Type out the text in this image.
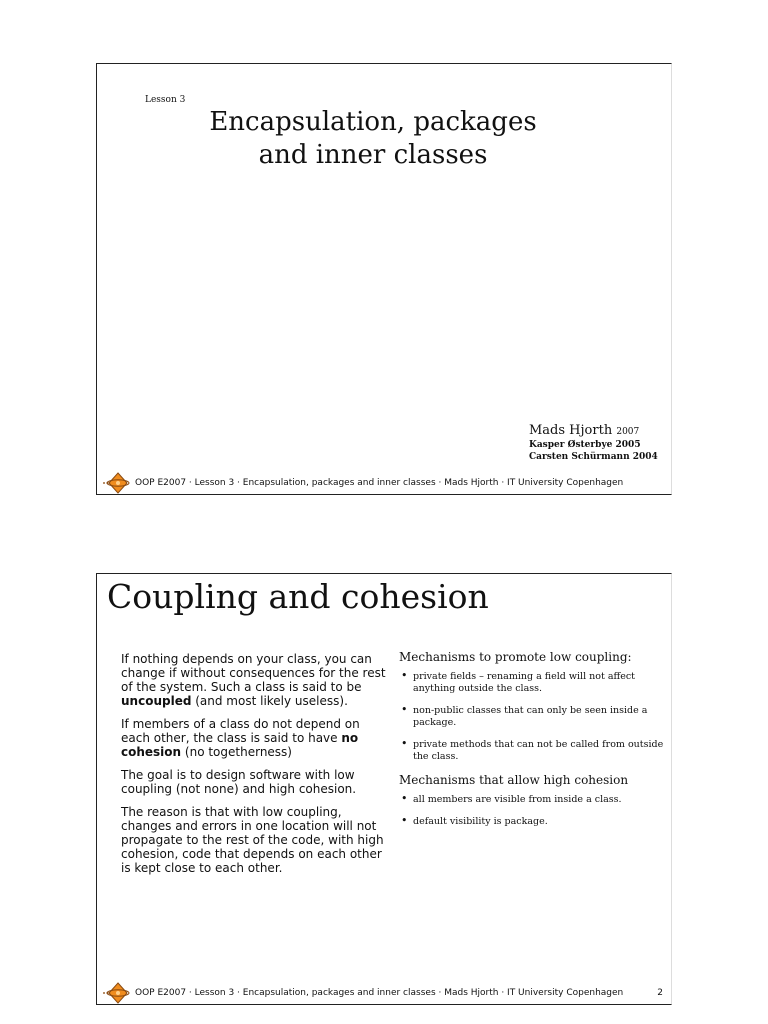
Lesson 3
Encapsulation, packages
and inner classes
Mads Hjorth 2007
Kasper Østerbye 2005
Carsten Schürmann 2004
OOP E2007 · Lesson 3 · Encapsulation, packages and inner classes · Mads Hjorth · IT University Copenhagen
Coupling and cohesion

If nothing depends on your class, you can change if without consequences for the rest of the system. Such a class is said to be uncoupled (and most likely useless).

If members of a class do not depend on each other, the class is said to have no cohesion (no togetherness)

The goal is to design software with low coupling (not none) and high cohesion.

The reason is that with low coupling, changes and errors in one location will not propagate to the rest of the code, with high cohesion, code that depends on each other is kept close to each other.

Mechanisms to promote low coupling:
• private fields – renaming a field will not affect anything outside the class.
• non-public classes that can only be seen inside a package.
• private methods that can not be called from outside the class.
Mechanisms that allow high cohesion
• all members are visible from inside a class.
• default visibility is package.
OOP E2007 · Lesson 3 · Encapsulation, packages and inner classes · Mads Hjorth · IT University Copenhagen	2
